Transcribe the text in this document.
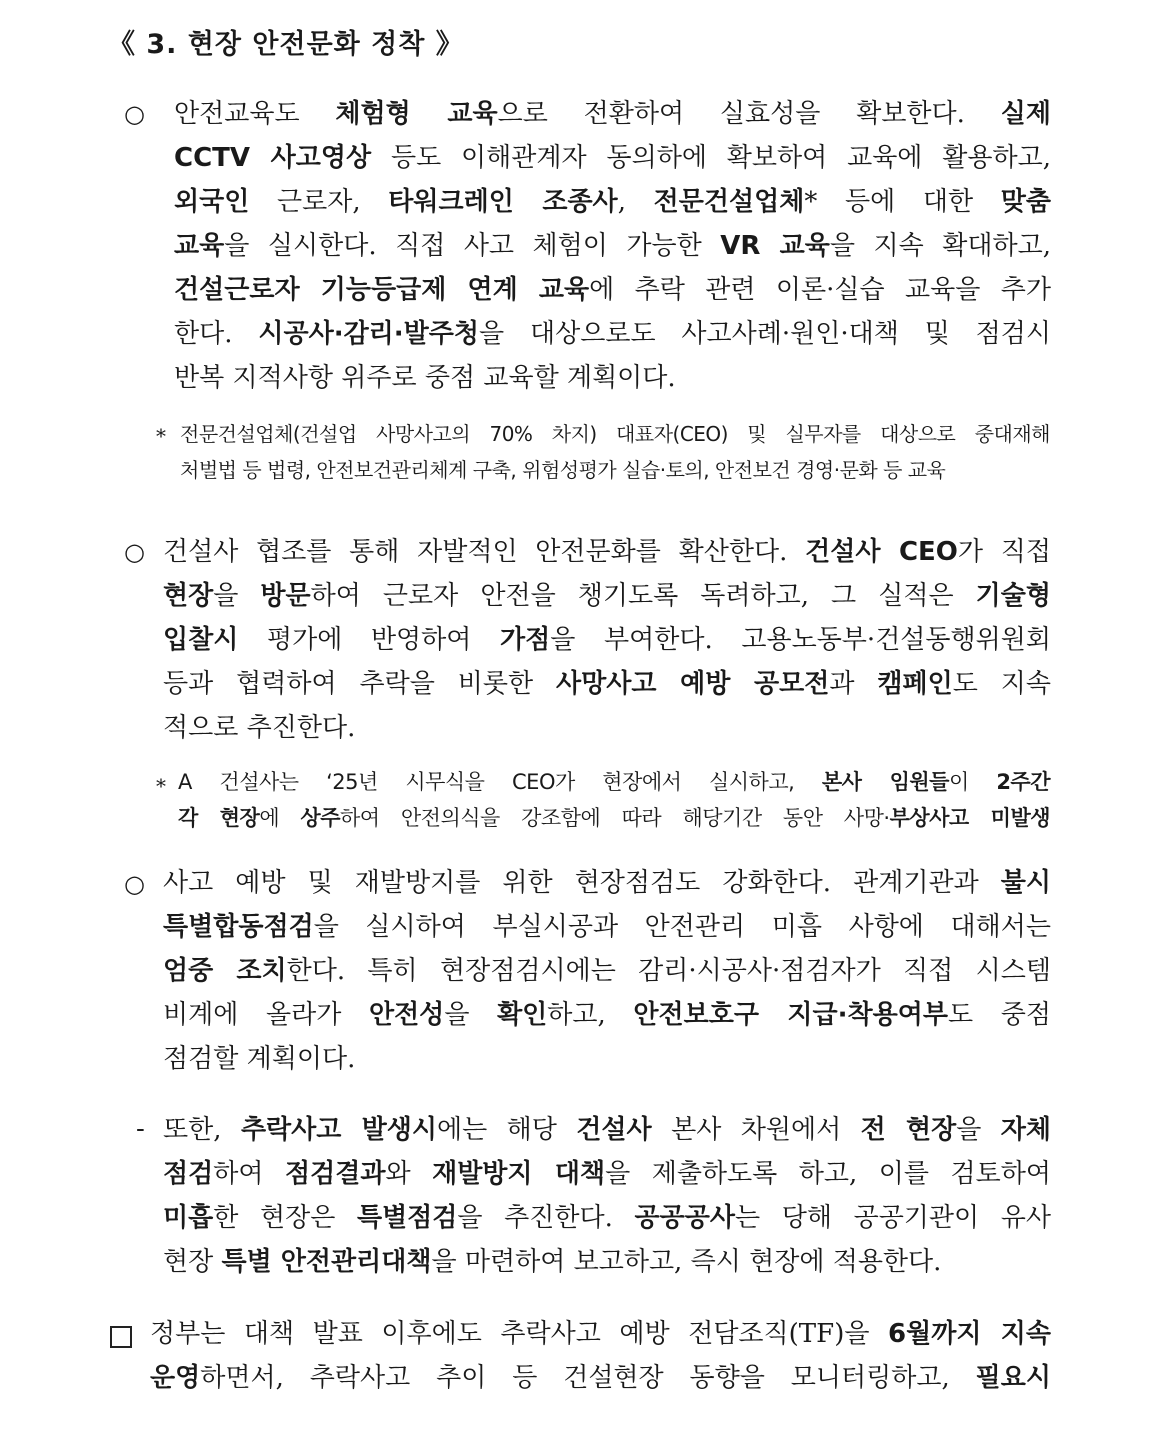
《 3. 현장 안전문화 정착 》
○ 안전교육도 체험형 교육으로 전환하여 실효성을 확보한다. 실제
CCTV 사고영상 등도 이해관계자 동의하에 확보하여 교육에 활용하고,
외국인 근로자, 타워크레인 조종사, 전문건설업체* 등에 대한 맞춤
교육을 실시한다. 직접 사고 체험이 가능한 VR 교육을 지속 확대하고,
건설근로자 기능등급제 연계 교육에 추락 관련 이론·실습 교육을 추가
한다. 시공사·감리·발주청을 대상으로도 사고사례·원인·대책 및 점검시
반복 지적사항 위주로 중점 교육할 계획이다.
* 전문건설업체(건설업 사망사고의 70% 차지) 대표자(CEO) 및 실무자를 대상으로 중대재해
처벌법 등 법령, 안전보건관리체계 구축, 위험성평가 실습·토의, 안전보건 경영·문화 등 교육
○ 건설사 협조를 통해 자발적인 안전문화를 확산한다. 건설사 CEO가 직접
현장을 방문하여 근로자 안전을 챙기도록 독려하고, 그 실적은 기술형
입찰시 평가에 반영하여 가점을 부여한다. 고용노동부·건설동행위원회
등과 협력하여 추락을 비롯한 사망사고 예방 공모전과 캠페인도 지속
적으로 추진한다.
* A 건설사는 ‘25년 시무식을 CEO가 현장에서 실시하고, 본사 임원들이 2주간
각 현장에 상주하여 안전의식을 강조함에 따라 해당기간 동안 사망·부상사고 미발생
○ 사고 예방 및 재발방지를 위한 현장점검도 강화한다. 관계기관과 불시
특별합동점검을 실시하여 부실시공과 안전관리 미흡 사항에 대해서는
엄중 조치한다. 특히 현장점검시에는 감리·시공사·점검자가 직접 시스템
비계에 올라가 안전성을 확인하고, 안전보호구 지급·착용여부도 중점
점검할 계획이다.
- 또한, 추락사고 발생시에는 해당 건설사 본사 차원에서 전 현장을 자체
점검하여 점검결과와 재발방지 대책을 제출하도록 하고, 이를 검토하여
미흡한 현장은 특별점검을 추진한다. 공공공사는 당해 공공기관이 유사
현장 특별 안전관리대책을 마련하여 보고하고, 즉시 현장에 적용한다.
정부는 대책 발표 이후에도 추락사고 예방 전담조직(TF)을 6월까지 지속
운영하면서, 추락사고 추이 등 건설현장 동향을 모니터링하고, 필요시
